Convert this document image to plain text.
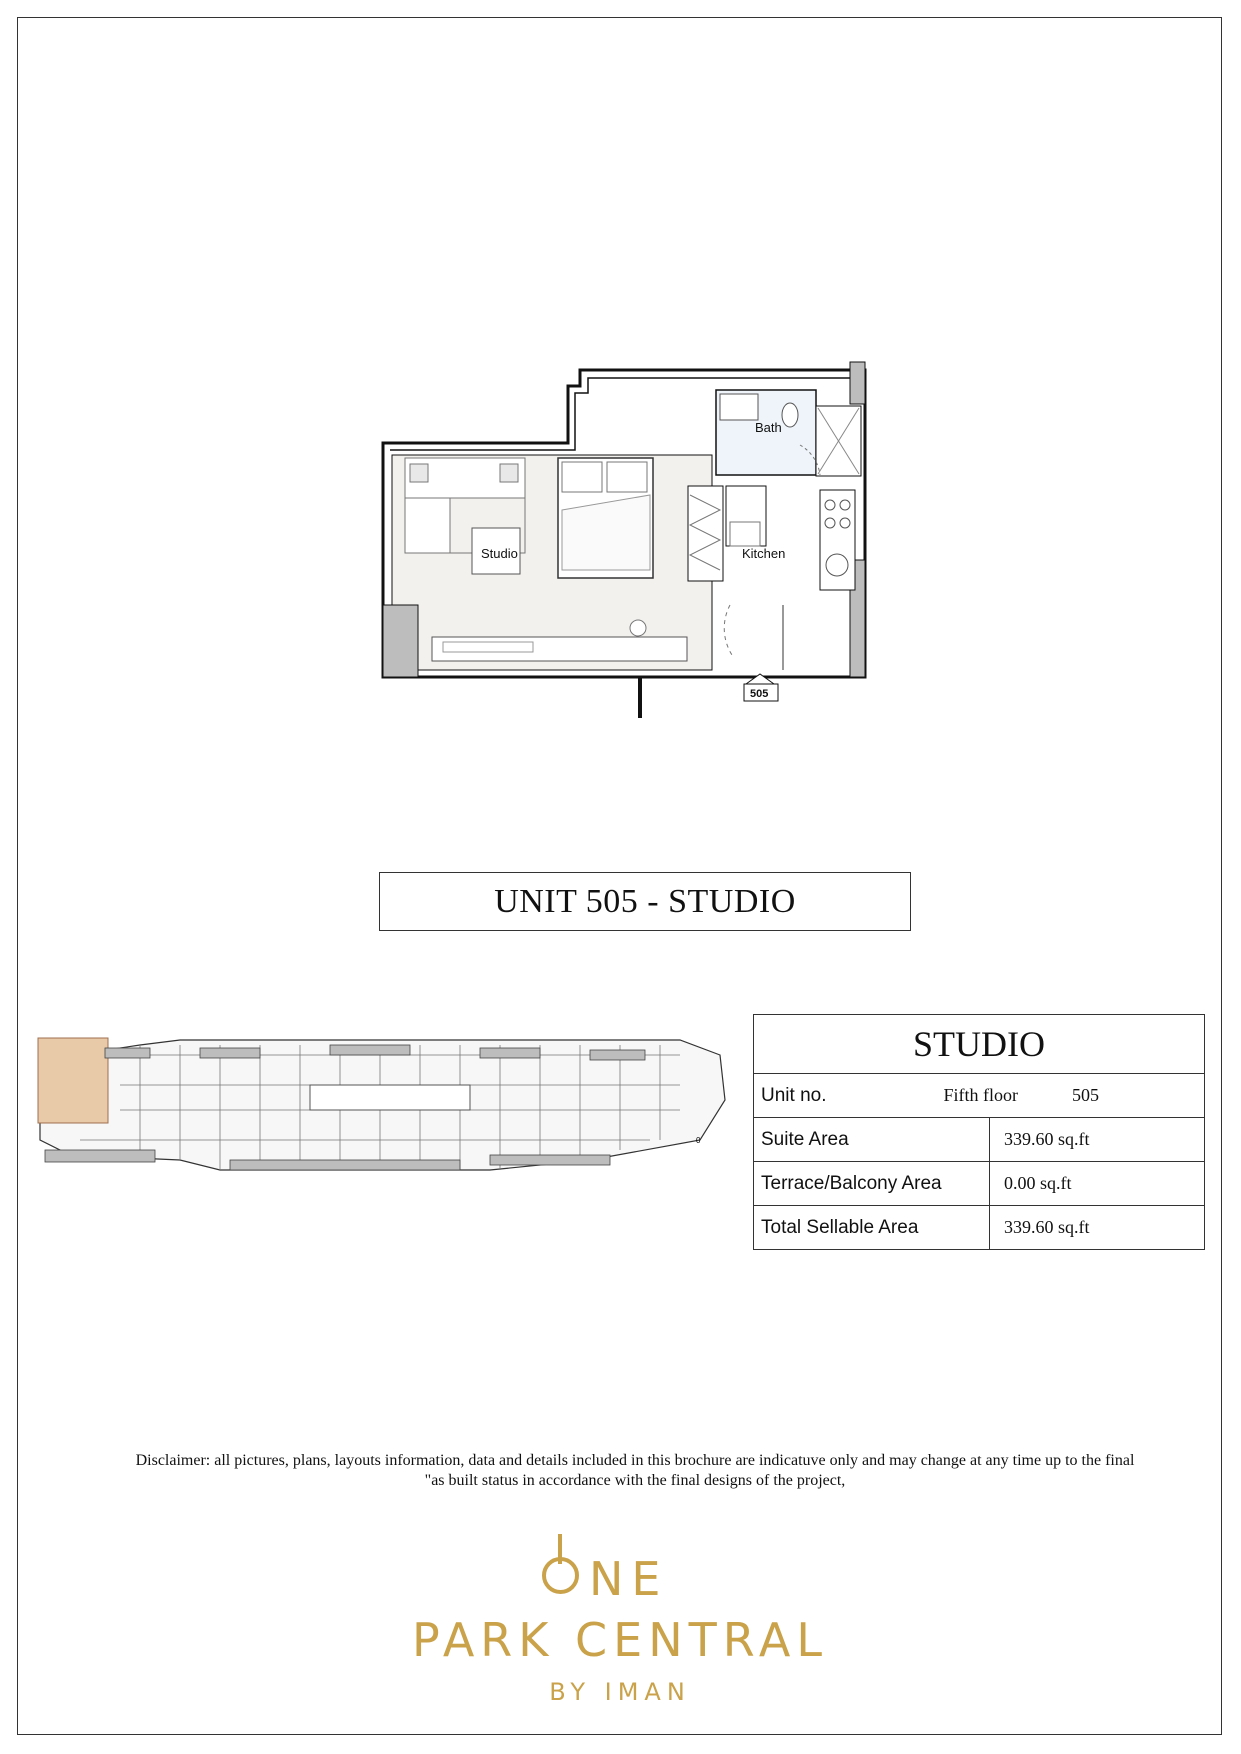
Bath
Kitchen
Studio
505
UNIT 505 - STUDIO
0
STUDIO	

Unit no. Fifth floor 505	

Suite Area	339.60 sq.ft
Terrace/Balcony Area	0.00 sq.ft
Total Sellable Area	339.60 sq.ft
Disclaimer: all pictures, plans, layouts information, data and details included in this brochure are indicatuve only and may change at any time up to the final
"as built status in accordance with the final designs of the project,
NE
PARK CENTRAL
BY IMAN
